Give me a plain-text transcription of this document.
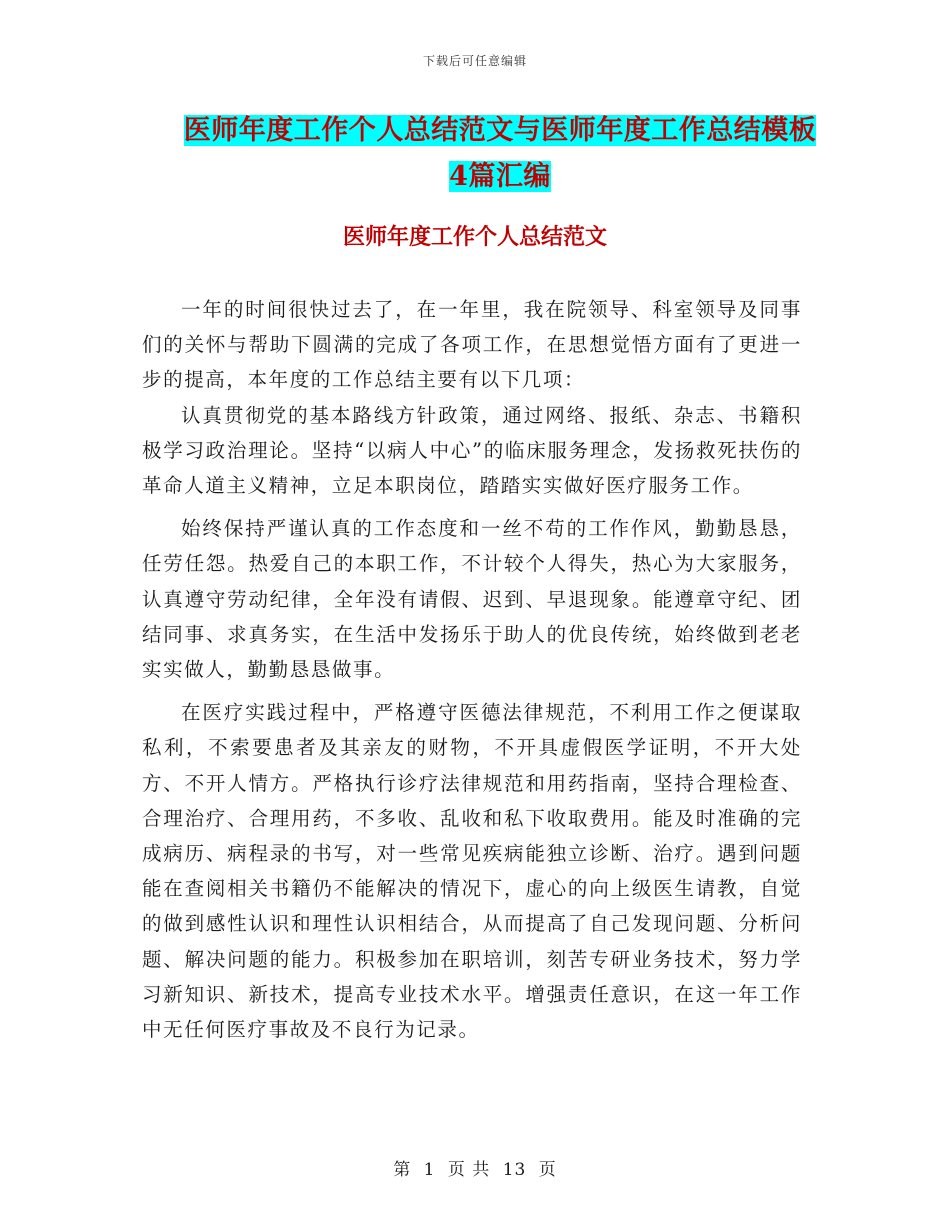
下载后可任意编辑
医师年度工作个人总结范文与医师年度工作总结模板
4篇汇编
医师年度工作个人总结范文

一年的时间很快过去了，在一年里，我在院领导、科室领导及同事们的关怀与帮助下圆满的完成了各项工作，在思想觉悟方面有了更进一步的提高，本年度的工作总结主要有以下几项：

认真贯彻党的基本路线方针政策，通过网络、报纸、杂志、书籍积极学习政治理论。坚持“以病人中心”的临床服务理念，发扬救死扶伤的革命人道主义精神，立足本职岗位，踏踏实实做好医疗服务工作。

始终保持严谨认真的工作态度和一丝不苟的工作作风，勤勤恳恳，任劳任怨。热爱自己的本职工作，不计较个人得失，热心为大家服务，认真遵守劳动纪律，全年没有请假、迟到、早退现象。能遵章守纪、团结同事、求真务实，在生活中发扬乐于助人的优良传统，始终做到老老实实做人，勤勤恳恳做事。

在医疗实践过程中，严格遵守医德法律规范，不利用工作之便谋取私利，不索要患者及其亲友的财物，不开具虚假医学证明，不开大处方、不开人情方。严格执行诊疗法律规范和用药指南，坚持合理检查、合理治疗、合理用药，不多收、乱收和私下收取费用。能及时准确的完成病历、病程录的书写，对一些常见疾病能独立诊断、治疗。遇到问题能在查阅相关书籍仍不能解决的情况下，虚心的向上级医生请教，自觉的做到感性认识和理性认识相结合，从而提高了自己发现问题、分析问题、解决问题的能力。积极参加在职培训，刻苦专研业务技术，努力学习新知识、新技术，提高专业技术水平。增强责任意识，在这一年工作中无任何医疗事故及不良行为记录。

第 1 页 共 13 页
